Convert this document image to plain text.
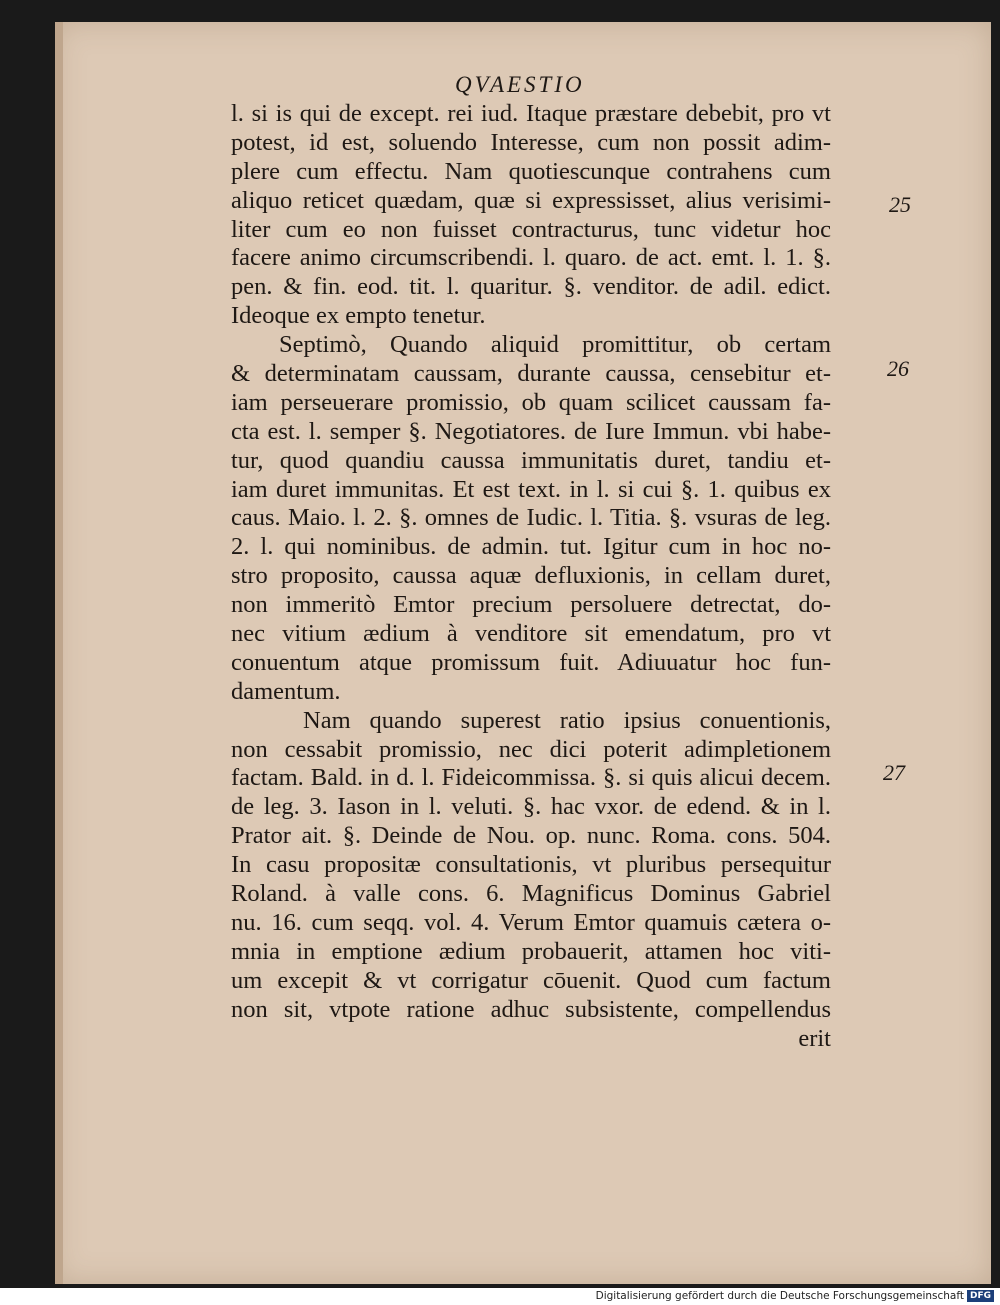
QVAESTIO
l. si is qui de except. rei iud. Itaque præstare debebit, pro vt
potest, id est, soluendo Interesse, cum non possit adim-
plere cum effectu. Nam quotiescunque contrahens cum
aliquo reticet quædam, quæ si expressisset, alius verisimi-
liter cum eo non fuisset contracturus, tunc videtur hoc
facere animo circumscribendi. l. quaro. de act. emt. l. 1. §.
pen. & fin. eod. tit. l. quaritur. §. venditor. de adil. edict.
Ideoque ex empto tenetur.
Septimò, Quando aliquid promittitur, ob certam
& determinatam caussam, durante caussa, censebitur et-
iam perseuerare promissio, ob quam scilicet caussam fa-
cta est. l. semper §. Negotiatores. de Iure Immun. vbi habe-
tur, quod quandiu caussa immunitatis duret, tandiu et-
iam duret immunitas. Et est text. in l. si cui §. 1. quibus ex
caus. Maio. l. 2. §. omnes de Iudic. l. Titia. §. vsuras de leg.
2. l. qui nominibus. de admin. tut. Igitur cum in hoc no-
stro proposito, caussa aquæ defluxionis, in cellam duret,
non immeritò Emtor precium persoluere detrectat, do-
nec vitium ædium à venditore sit emendatum, pro vt
conuentum atque promissum fuit. Adiuuatur hoc fun-
damentum.
Nam quando superest ratio ipsius conuentionis,
non cessabit promissio, nec dici poterit adimpletionem
factam. Bald. in d. l. Fideicommissa. §. si quis alicui decem.
de leg. 3. Iason in l. veluti. §. hac vxor. de edend. & in l.
Prator ait. §. Deinde de Nou. op. nunc. Roma. cons. 504.
In casu propositæ consultationis, vt pluribus persequitur
Roland. à valle cons. 6. Magnificus Dominus Gabriel
nu. 16. cum seqq. vol. 4. Verum Emtor quamuis cætera o-
mnia in emptione ædium probauerit, attamen hoc viti-
um excepit & vt corrigatur cōuenit. Quod cum factum
non sit, vtpote ratione adhuc subsistente, compellendus
erit
25
26
27
Digitalisierung gefördert durch die Deutsche Forschungsgemeinschaft DFG
